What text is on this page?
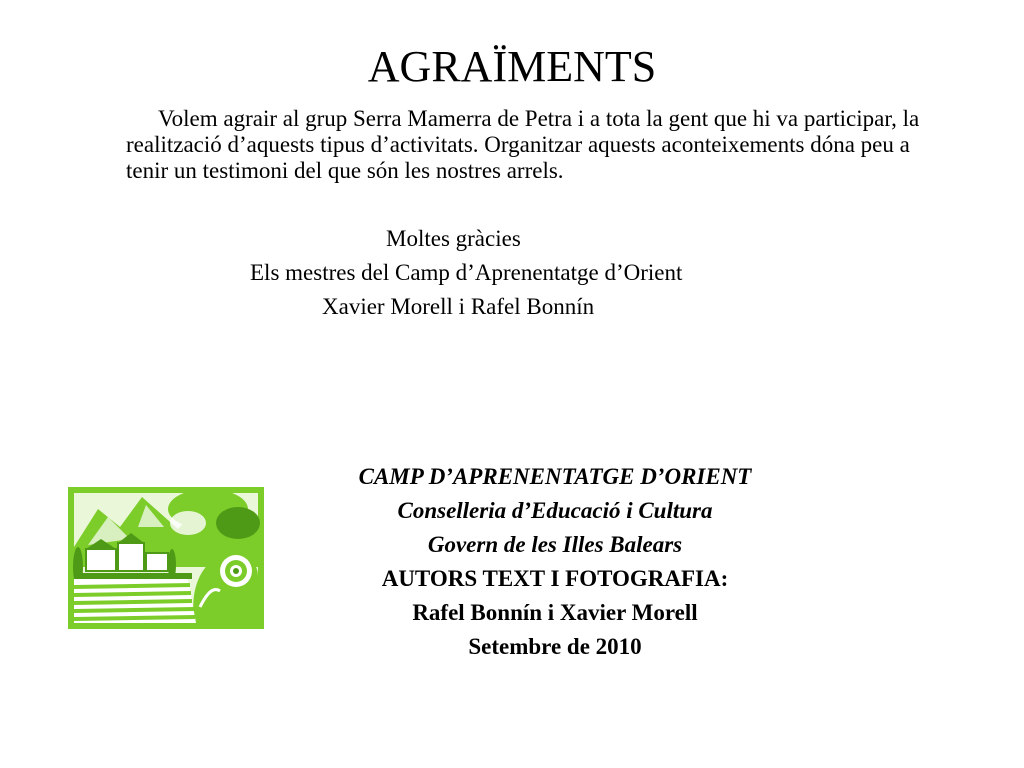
AGRAÏMENTS
Volem agrair al grup Serra Mamerra de Petra i a tota la gent que hi va participar, la realització d’aquests tipus d’activitats. Organitzar aquests aconteixements dóna peu a tenir un testimoni del que són les nostres arrels.
Moltes gràcies
Els mestres del Camp d’Aprenentatge d’Orient
Xavier Morell i Rafel Bonnín
CAMP D’APRENENTATGE D’ORIENT
Conselleria d’Educació i Cultura
Govern de les Illes Balears
AUTORS TEXT I FOTOGRAFIA:
Rafel Bonnín i Xavier Morell
Setembre de 2010
